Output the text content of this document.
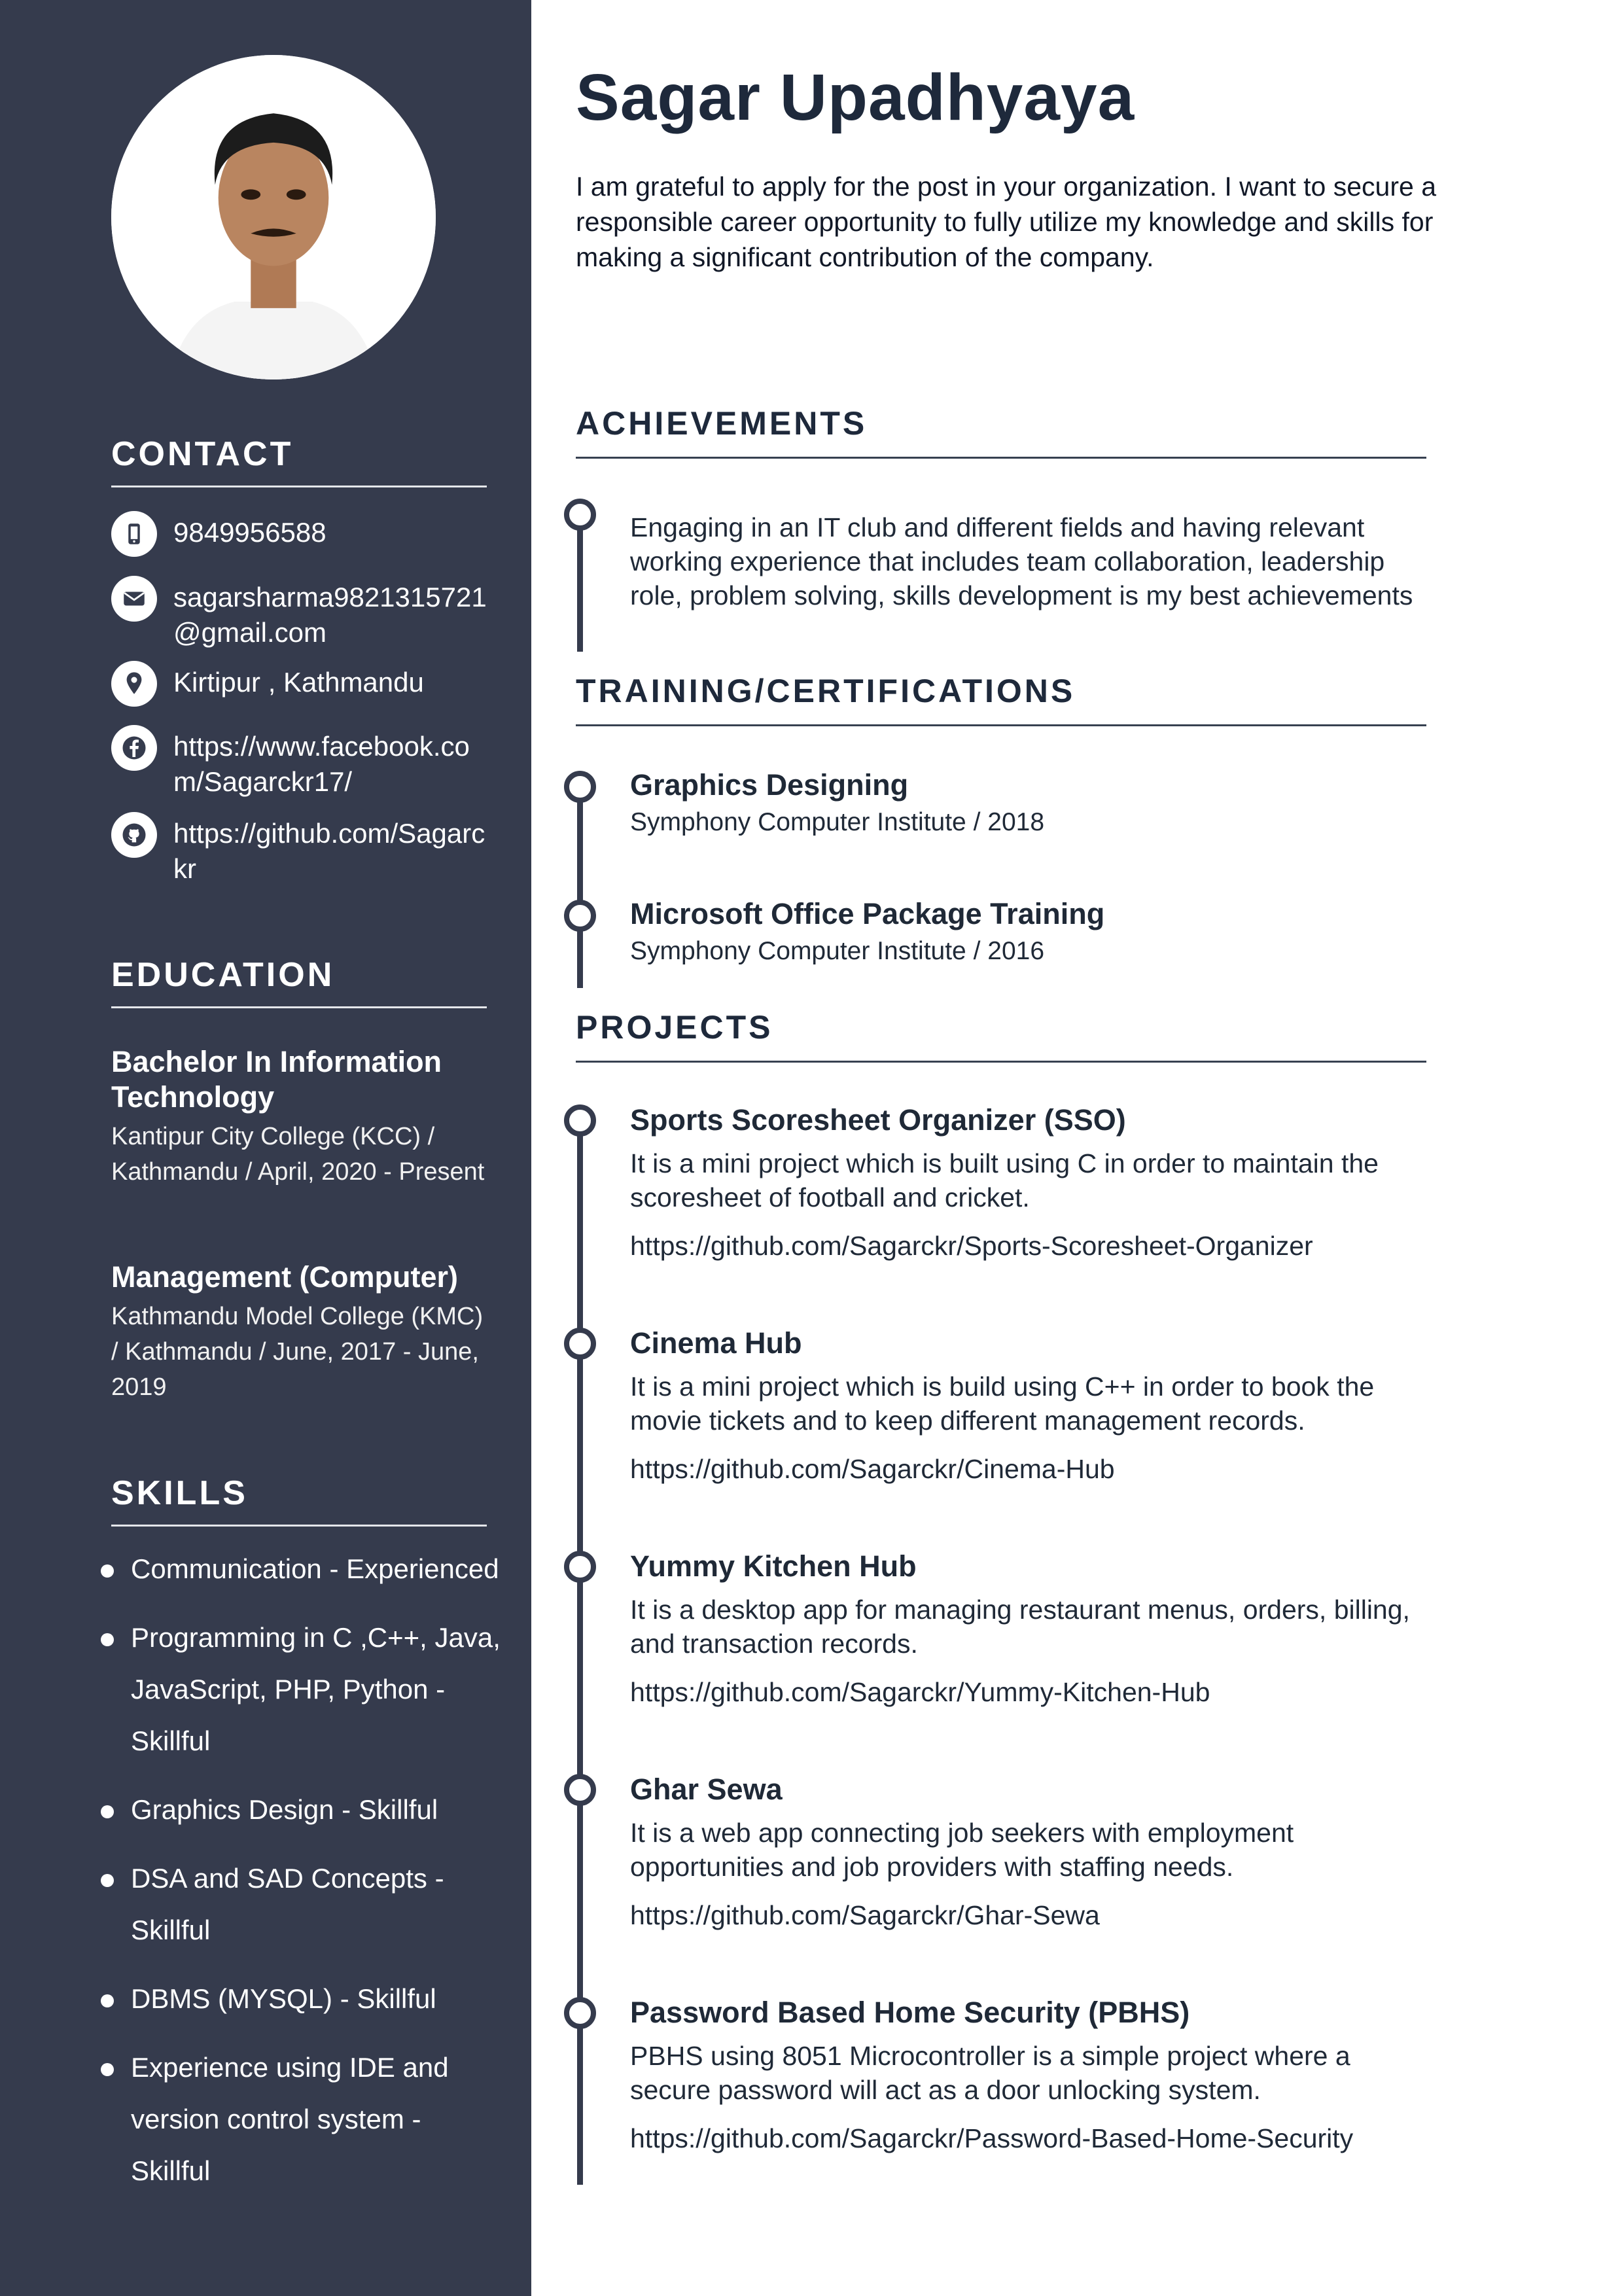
CONTACT
9849956588
sagarsharma9821315721@gmail.com
Kirtipur , Kathmandu
https://www.facebook.com/Sagarckr17/
https://github.com/Sagarckr
EDUCATION
Bachelor In Information Technology
Kantipur City College (KCC) / Kathmandu / April, 2020 - Present
Management (Computer)
Kathmandu Model College (KMC) / Kathmandu / June, 2017 - June, 2019
SKILLS
Communication - Experienced
Programming in C ,C++, Java, JavaScript, PHP, Python - Skillful
Graphics Design - Skillful
DSA and SAD Concepts - Skillful
DBMS (MYSQL) - Skillful
Experience using IDE and version control system - Skillful
Sagar Upadhyaya
I am grateful to apply for the post in your organization. I want to secure a responsible career opportunity to fully utilize my knowledge and skills for making a significant contribution of the company.
ACHIEVEMENTS
Engaging in an IT club and different fields and having relevant working experience that includes team collaboration, leadership role, problem solving, skills development is my best achievements
TRAINING/CERTIFICATIONS
Graphics Designing
Symphony Computer Institute / 2018
Microsoft Office Package Training
Symphony Computer Institute / 2016
PROJECTS
Sports Scoresheet Organizer (SSO)
It is a mini project which is built using C in order to maintain the scoresheet of football and cricket.
https://github.com/Sagarckr/Sports-Scoresheet-Organizer
Cinema Hub
It is a mini project which is build using C++ in order to book the movie tickets and to keep different management records.
https://github.com/Sagarckr/Cinema-Hub
Yummy Kitchen Hub
It is a desktop app for managing restaurant menus, orders, billing, and transaction records.
https://github.com/Sagarckr/Yummy-Kitchen-Hub
Ghar Sewa
It is a web app connecting job seekers with employment opportunities and job providers with staffing needs.
https://github.com/Sagarckr/Ghar-Sewa
Password Based Home Security (PBHS)
PBHS using 8051 Microcontroller is a simple project where a secure password will act as a door unlocking system.
https://github.com/Sagarckr/Password-Based-Home-Security
